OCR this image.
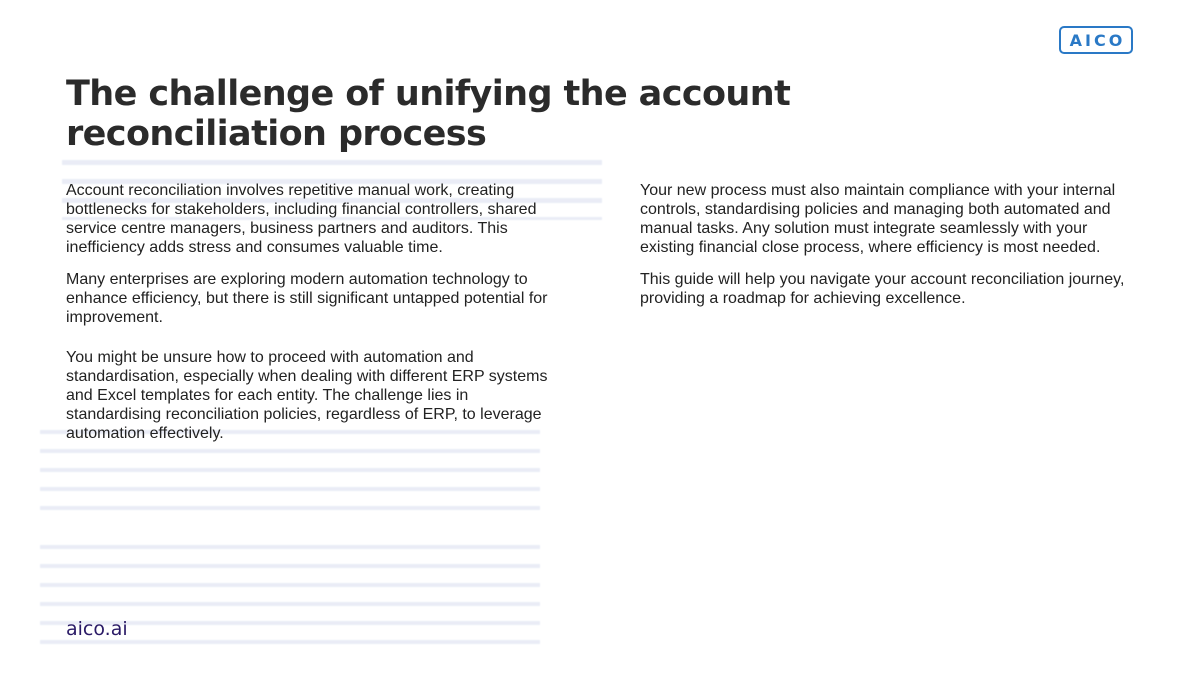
AICO
The challenge of unifying the account
reconciliation process

Account reconciliation involves repetitive manual work, creating bottlenecks for stakeholders, including financial controllers, shared service centre managers, business partners and auditors. This inefficiency adds stress and consumes valuable time.

Many enterprises are exploring modern automation technology to enhance efficiency, but there is still significant untapped potential for improvement.

You might be unsure how to proceed with automation and standardisation, especially when dealing with different ERP systems and Excel templates for each entity. The challenge lies in standardising reconciliation policies, regardless of ERP, to leverage automation effectively.

Your new process must also maintain compliance with your internal controls, standardising policies and managing both automated and manual tasks. Any solution must integrate seamlessly with your existing financial close process, where efficiency is most needed.

This guide will help you navigate your account reconciliation journey, providing a roadmap for achieving excellence.

aico.ai
